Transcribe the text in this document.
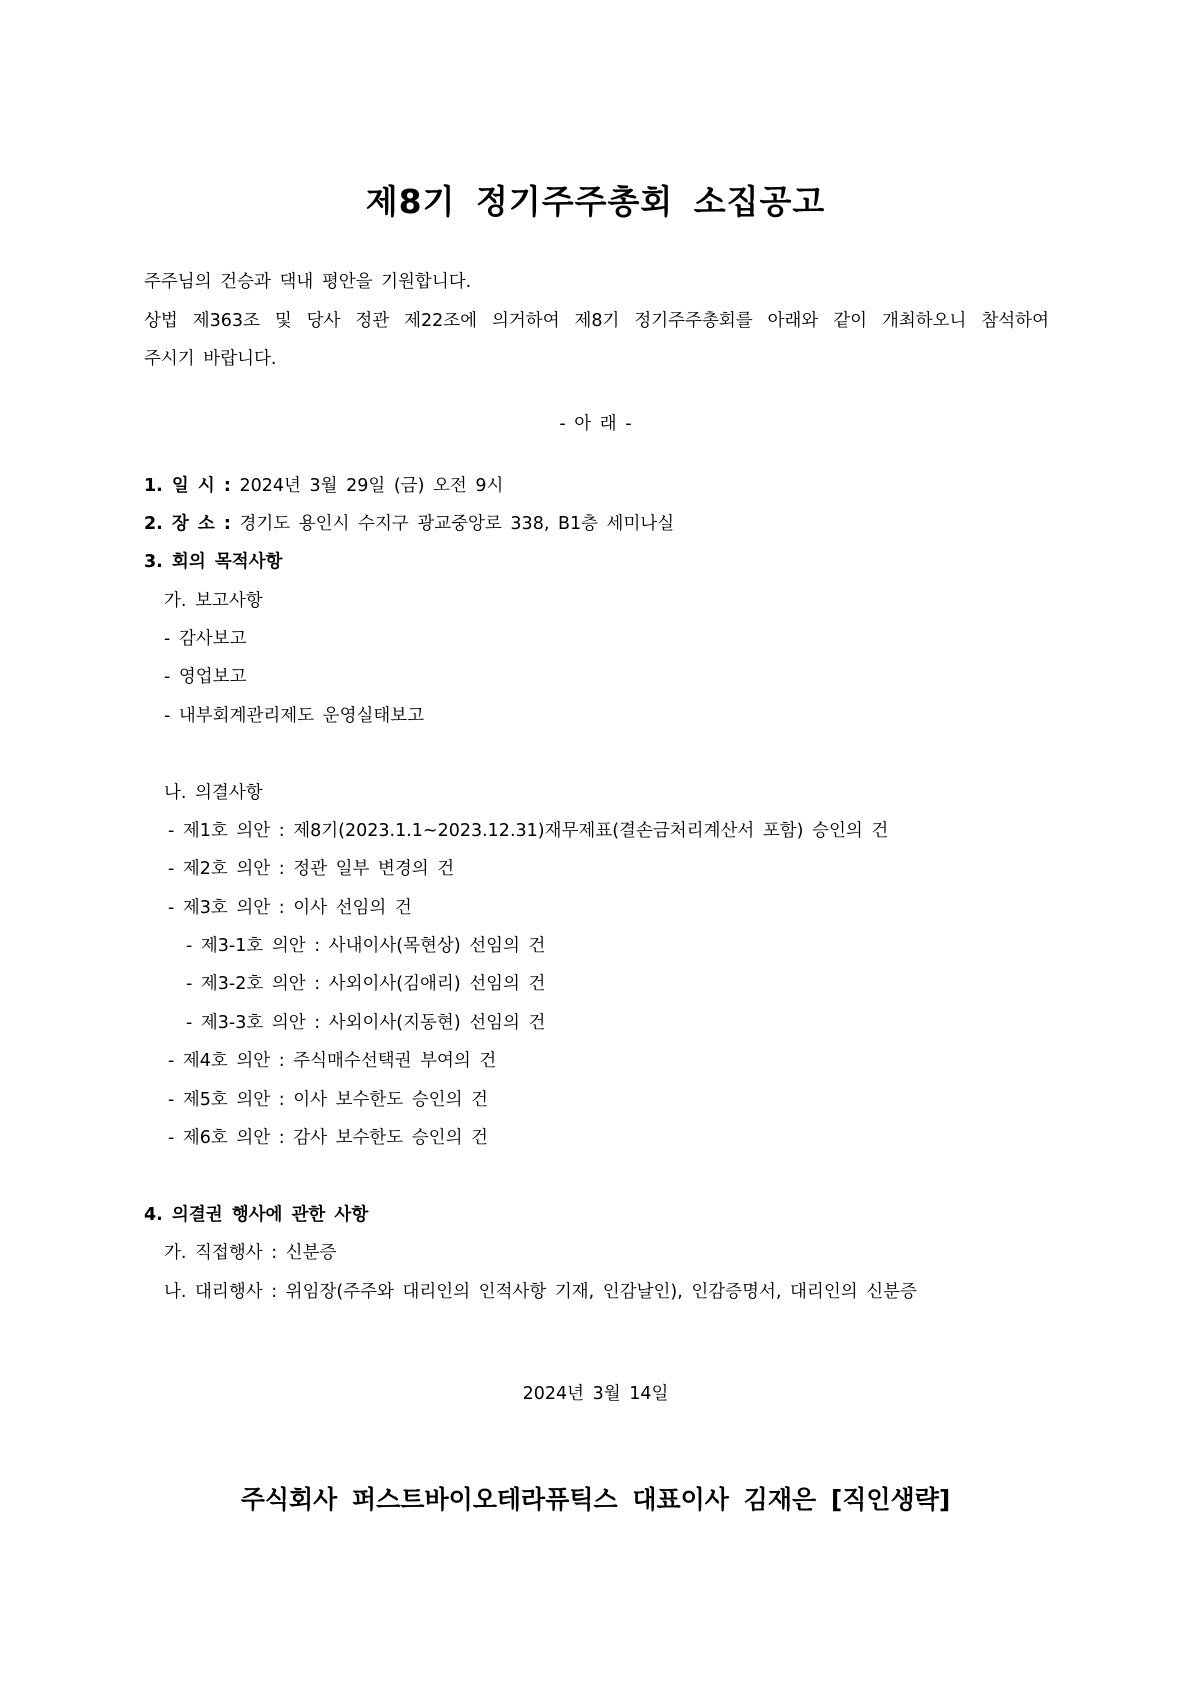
제8기 정기주주총회 소집공고
주주님의 건승과 댁내 평안을 기원합니다.
상법 제363조 및 당사 정관 제22조에 의거하여 제8기 정기주주총회를 아래와 같이 개최하오니 참석하여
주시기 바랍니다.
- 아 래 -
1. 일 시 : 2024년 3월 29일 (금) 오전 9시
2. 장 소 : 경기도 용인시 수지구 광교중앙로 338, B1층 세미나실
3. 회의 목적사항
가. 보고사항
- 감사보고
- 영업보고
- 내부회계관리제도 운영실태보고
나. 의결사항
- 제1호 의안 : 제8기(2023.1.1~2023.12.31)재무제표(결손금처리계산서 포함) 승인의 건
- 제2호 의안 : 정관 일부 변경의 건
- 제3호 의안 : 이사 선임의 건
- 제3-1호 의안 : 사내이사(목현상) 선임의 건
- 제3-2호 의안 : 사외이사(김애리) 선임의 건
- 제3-3호 의안 : 사외이사(지동현) 선임의 건
- 제4호 의안 : 주식매수선택권 부여의 건
- 제5호 의안 : 이사 보수한도 승인의 건
- 제6호 의안 : 감사 보수한도 승인의 건
4. 의결권 행사에 관한 사항
가. 직접행사 : 신분증
나. 대리행사 : 위임장(주주와 대리인의 인적사항 기재, 인감날인), 인감증명서, 대리인의 신분증
2024년 3월 14일
주식회사 퍼스트바이오테라퓨틱스 대표이사 김재은 [직인생략]
